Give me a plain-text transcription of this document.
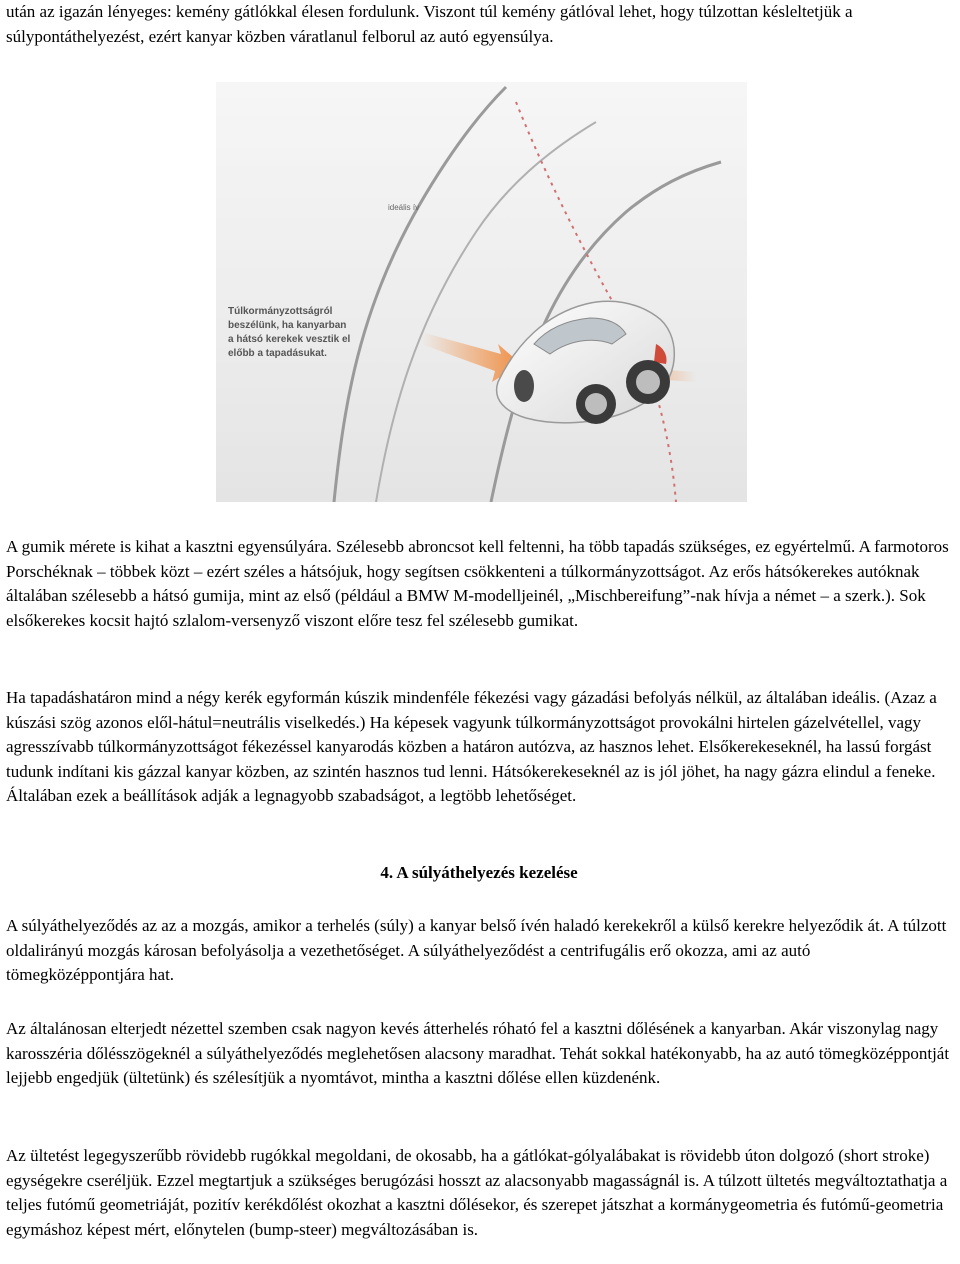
után az igazán lényeges: kemény gátlókkal élesen fordulunk. Viszont túl kemény gátlóval lehet, hogy túlzottan késleltetjük a súlypontáthelyezést, ezért kanyar közben váratlanul felborul az autó egyensúlya.

ideális ív
Túlkormányzottságról
beszélünk, ha kanyarban
a hátsó kerekek vesztik el
előbb a tapadásukat.

A gumik mérete is kihat a kasztni egyensúlyára. Szélesebb abroncsot kell feltenni, ha több tapadás szükséges, ez egyértelmű. A farmotoros Porschéknak – többek közt – ezért széles a hátsójuk, hogy segítsen csökkenteni a túlkormányzottságot. Az erős hátsókerekes autóknak általában szélesebb a hátsó gumija, mint az első (például a BMW M-modelljeinél, „Mischbereifung”-nak hívja a német – a szerk.). Sok elsőkerekes kocsit hajtó szlalom-versenyző viszont előre tesz fel szélesebb gumikat.

Ha tapadáshatáron mind a négy kerék egyformán kúszik mindenféle fékezési vagy gázadási befolyás nélkül, az általában ideális. (Azaz a kúszási szög azonos elől-hátul=neutrális viselkedés.) Ha képesek vagyunk túlkormányzottságot provokálni hirtelen gázelvétellel, vagy agresszívabb túlkormányzottságot fékezéssel kanyarodás közben a határon autózva, az hasznos lehet. Elsőkerekeseknél, ha lassú forgást tudunk indítani kis gázzal kanyar közben, az szintén hasznos tud lenni. Hátsókerekeseknél az is jól jöhet, ha nagy gázra elindul a feneke. Általában ezek a beállítások adják a legnagyobb szabadságot, a legtöbb lehetőséget.

4. A súlyáthelyezés kezelése

A súlyáthelyeződés az az a mozgás, amikor a terhelés (súly) a kanyar belső ívén haladó kerekekről a külső kerekre helyeződik át. A túlzott oldalirányú mozgás károsan befolyásolja a vezethetőséget. A súlyáthelyeződést a centrifugális erő okozza, ami az autó tömegközéppontjára hat.

Az általánosan elterjedt nézettel szemben csak nagyon kevés átterhelés róható fel a kasztni dőlésének a kanyarban. Akár viszonylag nagy karosszéria dőlésszögeknél a súlyáthelyeződés meglehetősen alacsony maradhat. Tehát sokkal hatékonyabb, ha az autó tömegközéppontját lejjebb engedjük (ültetünk) és szélesítjük a nyomtávot, mintha a kasztni dőlése ellen küzdenénk.

Az ültetést legegyszerűbb rövidebb rugókkal megoldani, de okosabb, ha a gátlókat-gólyalábakat is rövidebb úton dolgozó (short stroke) egységekre cseréljük. Ezzel megtartjuk a szükséges berugózási hosszt az alacsonyabb magasságnál is. A túlzott ültetés megváltoztathatja a teljes futómű geometriáját, pozitív kerékdőlést okozhat a kasztni dőlésekor, és szerepet játszhat a kormánygeometria és futómű-geometria egymáshoz képest mért, előnytelen (bump-steer) megváltozásában is.
